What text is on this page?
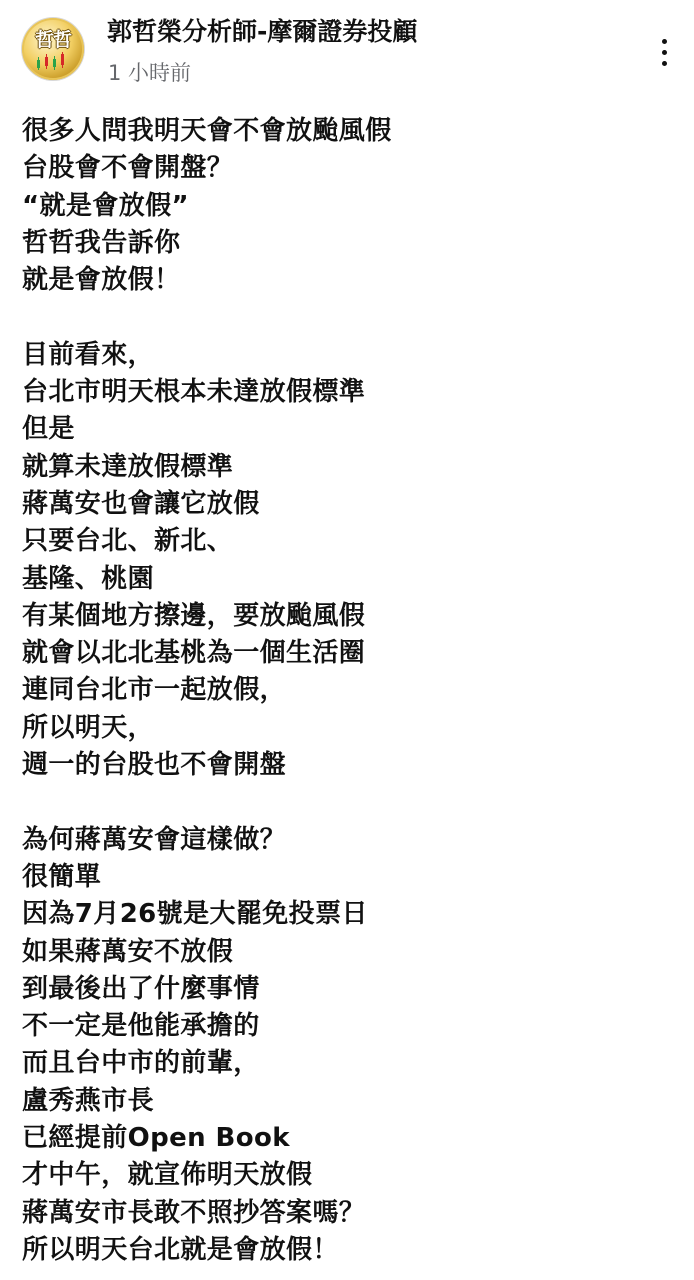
哲哲	郭哲榮分析師-摩爾證券投顧
1 小時前
很多人問我明天會不會放颱風假
台股會不會開盤？
“就是會放假”
哲哲我告訴你
就是會放假！
目前看來，
台北市明天根本未達放假標準
但是
就算未達放假標準
蔣萬安也會讓它放假
只要台北、新北、
基隆、桃園
有某個地方擦邊，要放颱風假
就會以北北基桃為一個生活圈
連同台北市一起放假，
所以明天，
週一的台股也不會開盤
為何蔣萬安會這樣做？
很簡單
因為7月26號是大罷免投票日
如果蔣萬安不放假
到最後出了什麼事情
不一定是他能承擔的
而且台中市的前輩，
盧秀燕市長
已經提前Open Book
才中午，就宣佈明天放假
蔣萬安市長敢不照抄答案嗎？
所以明天台北就是會放假！
